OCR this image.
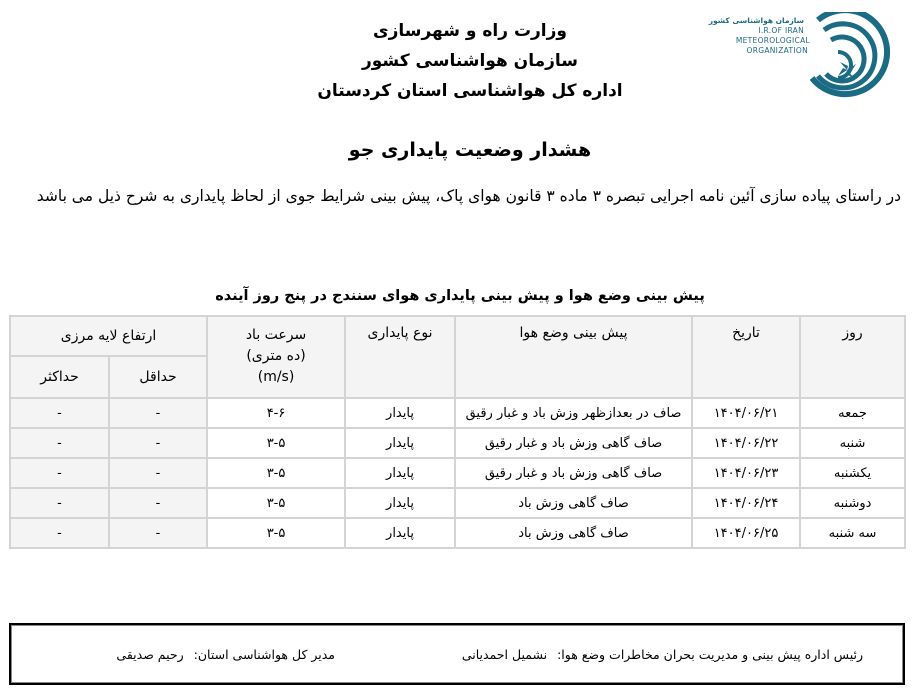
سازمان هواشناسی کشور
I.R.OF IRAN
METEOROLOGICAL
ORGANIZATION
وزارت راه و شهرسازی
سازمان هواشناسی کشور
اداره کل هواشناسی استان کردستان
هشدار وضعیت پایداری جو
در راستای پیاده سازی آئین نامه اجرایی تبصره ۳ ماده ۳ قانون هوای پاک، پیش بینی شرایط جوی از لحاظ پایداری به شرح ذیل می باشد
پیش بینی وضع هوا و پیش بینی پایداری هوای سنندج در پنج روز آینده
روز	تاریخ	پیش بینی وضع هوا	نوع پایداری	سرعت باد
(ده متری)
(m/s)	ارتفاع لایه مرزی	
					حداقل	حداکثر
جمعه	۱۴۰۴/۰۶/۲۱	صاف در بعدازظهر وزش باد و غبار رقیق	پایدار	۴-۶	-	-
شنبه	۱۴۰۴/۰۶/۲۲	صاف گاهی وزش باد و غبار رقیق	پایدار	۳-۵	-	-
یکشنبه	۱۴۰۴/۰۶/۲۳	صاف گاهی وزش باد و غبار رقیق	پایدار	۳-۵	-	-
دوشنبه	۱۴۰۴/۰۶/۲۴	صاف گاهی وزش باد	پایدار	۳-۵	-	-
سه شنبه	۱۴۰۴/۰۶/۲۵	صاف گاهی وزش باد	پایدار	۳-۵	-	-
رئیس اداره پیش بینی و مدیریت بحران مخاطرات وضع هوا: نشمیل احمدیانی
مدیر کل هواشناسی استان: رحیم صدیقی
